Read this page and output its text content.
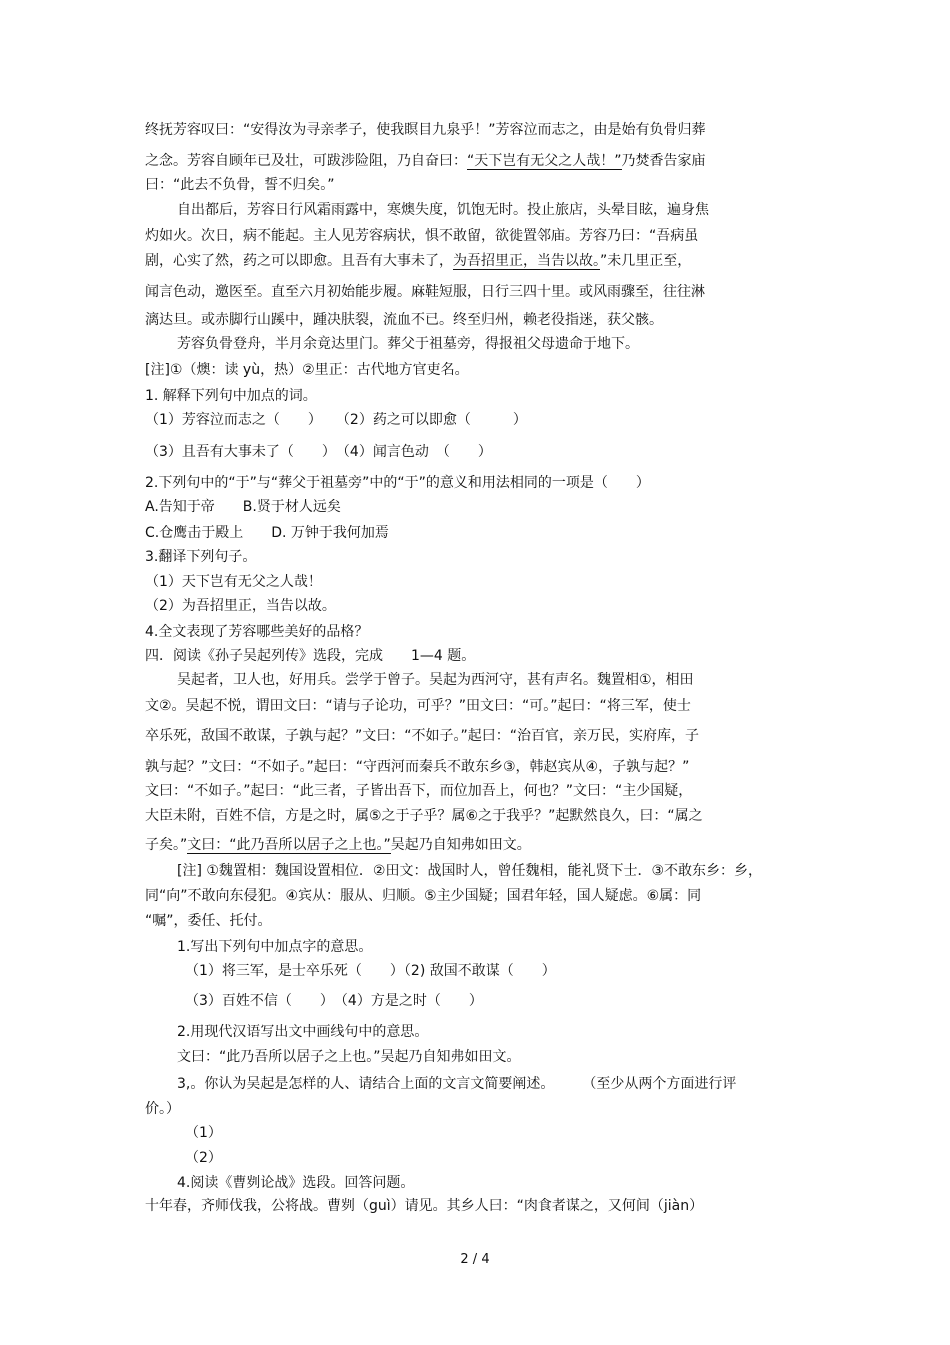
终抚芳容叹曰：“安得汝为寻亲孝子，使我瞑目九泉乎！”芳容泣而志之，由是始有负骨归葬
之念。芳容自顾年已及壮，可跋涉险阻，乃自奋曰：“天下岂有无父之人哉！”乃焚香告家庙
曰：“此去不负骨，誓不归矣。”
自出都后，芳容日行风霜雨露中，寒燠失度，饥饱无时。投止旅店，头晕目眩，遍身焦
灼如火。次日，病不能起。主人见芳容病状，惧不敢留，欲徙置邻庙。芳容乃曰：“吾病虽
剧，心实了然，药之可以即愈。且吾有大事未了，为吾招里正，当告以故。”未几里正至，
闻言色动，邀医至。直至六月初始能步履。麻鞋短服，日行三四十里。或风雨骤至，往往淋
漓达旦。或赤脚行山蹊中，踵决肤裂，流血不已。终至归州，赖老役指迷，获父骸。
芳容负骨登舟，半月余竟达里门。葬父于祖墓旁，得报祖父母遗命于地下。
[注]①（燠：读 yù，热）②里正：古代地方官吏名。
1. 解释下列句中加点的词。
（1）芳容泣而志之（　　）　　（2）药之可以即愈（　　　）
（3）且吾有大事未了（　　）　（4）闻言色动　（　　）
2.下列句中的“于”与“葬父于祖墓旁”中的“于”的意义和用法相同的一项是（　　）
A.告知于帝　　B.贤于材人远矣
C.仓鹰击于殿上　　D. 万钟于我何加焉
3.翻译下列句子。
（1）天下岂有无父之人哉！
（2）为吾招里正，当告以故。
4.全文表现了芳容哪些美好的品格？
四．阅读《孙子吴起列传》选段，完成　　1—4 题。
吴起者，卫人也，好用兵。尝学于曾子。吴起为西河守，甚有声名。魏置相①，相田
文②。吴起不悦，谓田文曰：“请与子论功，可乎？”田文曰：“可。”起曰：“将三军，使士
卒乐死，敌国不敢谋，子孰与起？”文曰：“不如子。”起曰：“治百官，亲万民，实府库，子
孰与起？”文曰：“不如子。”起曰：“守西河而秦兵不敢东乡③，韩赵宾从④，子孰与起？”
文曰：“不如子。”起曰：“此三者，子皆出吾下，而位加吾上，何也？”文曰：“主少国疑，
大臣未附，百姓不信，方是之时，属⑤之于子乎？属⑥之于我乎？”起默然良久，曰：“属之
子矣。”文曰：“此乃吾所以居子之上也。”吴起乃自知弗如田文。
[注] ①魏置相：魏国设置相位．②田文：战国时人，曾任魏相，能礼贤下士．③不敢东乡：乡，
同“向”不敢向东侵犯。④宾从：服从、归顺。⑤主少国疑；国君年轻，国人疑虑。⑥属：同
“嘱”，委任、托付。
1.写出下列句中加点字的意思。
（1）将三军，是士卒乐死（　　）（2) 敌国不敢谋（　　）
（3）百姓不信（　　）　（4）方是之时（　　）
2.用现代汉语写出文中画线句中的意思。
文曰：“此乃吾所以居子之上也。”吴起乃自知弗如田文。
3,。你认为吴起是怎样的人、请结合上面的文言文简要阐述。　　　（至少从两个方面进行评
价。）
（1）
（2）
4.阅读《曹刿论战》选段。回答问题。
十年春，齐师伐我，公将战。曹刿（guì）请见。其乡人曰：“肉食者谋之，又何间（jiàn）
2 / 4
